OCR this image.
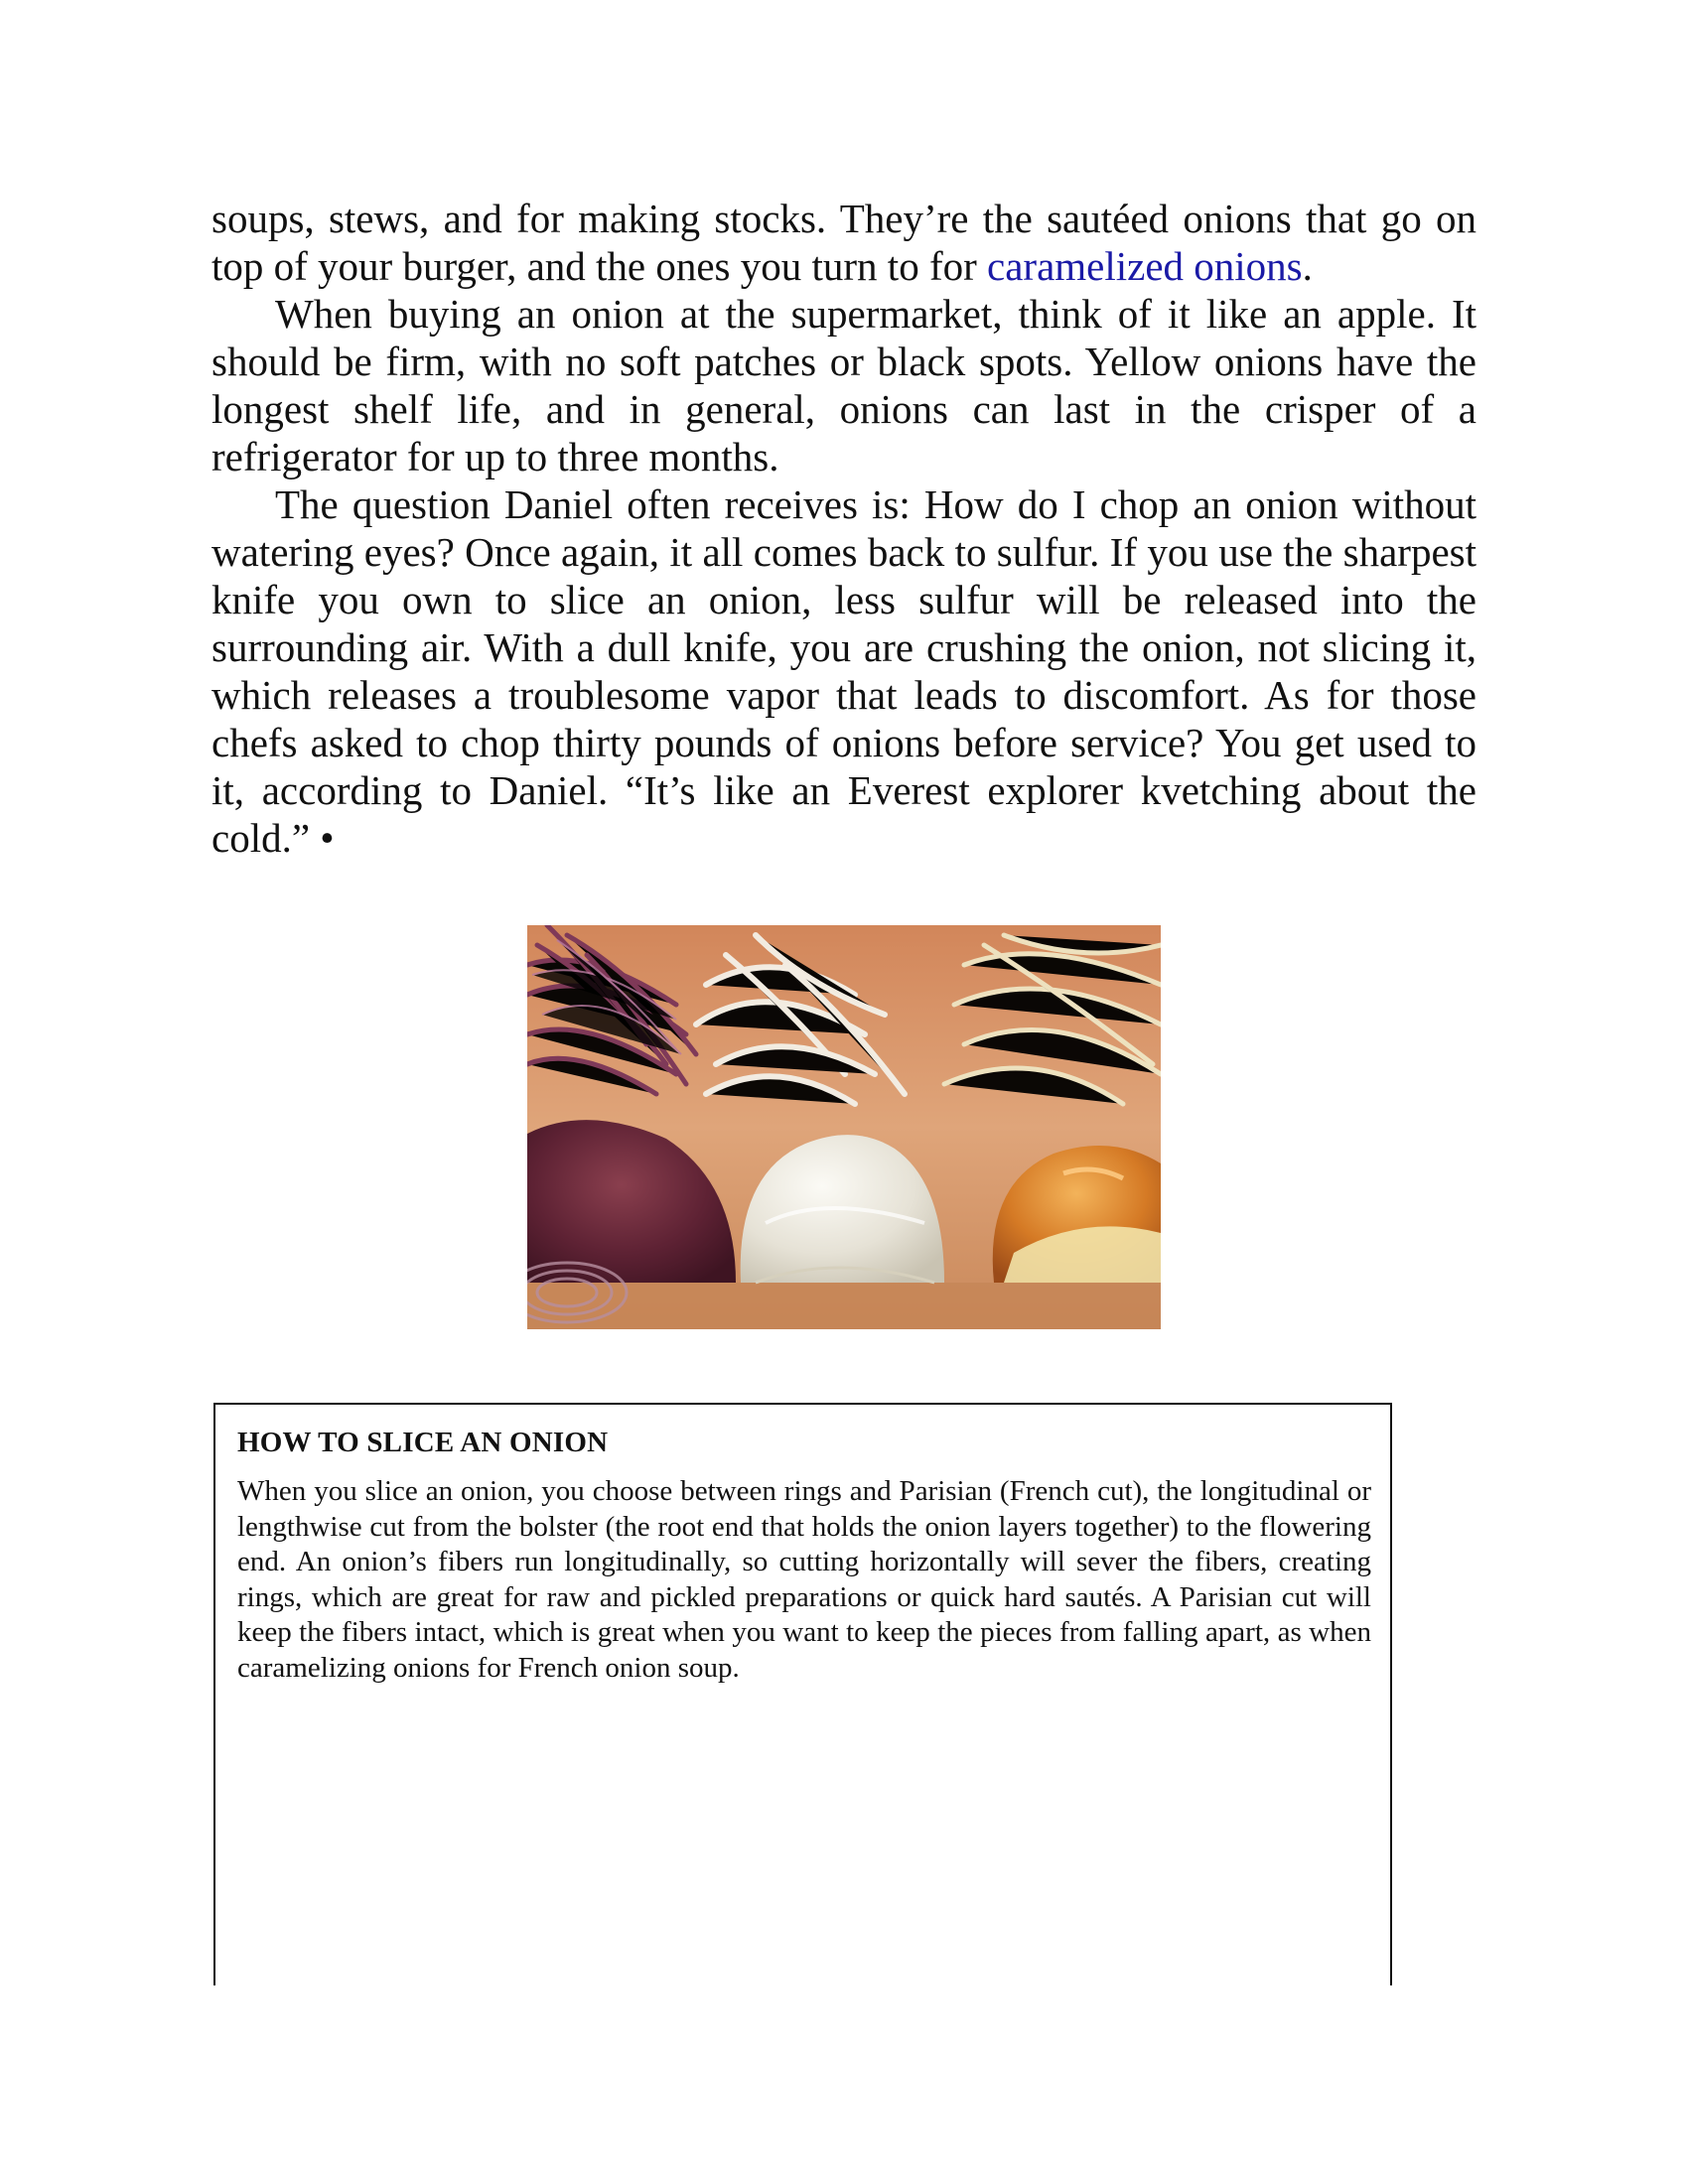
soups, stews, and for making stocks. They’re the sautéed onions that go on top of your burger, and the ones you turn to for caramelized onions.

When buying an onion at the supermarket, think of it like an apple. It should be firm, with no soft patches or black spots. Yellow onions have the longest shelf life, and in general, onions can last in the crisper of a refrigerator for up to three months.

The question Daniel often receives is: How do I chop an onion without watering eyes? Once again, it all comes back to sulfur. If you use the sharpest knife you own to slice an onion, less sulfur will be released into the surrounding air. With a dull knife, you are crushing the onion, not slicing it, which releases a troublesome vapor that leads to discomfort. As for those chefs asked to chop thirty pounds of onions before service? You get used to it, according to Daniel. “It’s like an Everest explorer kvetching about the cold.” •

HOW TO SLICE AN ONION
When you slice an onion, you choose between rings and Parisian (French cut), the longitudinal or lengthwise cut from the bolster (the root end that holds the onion layers together) to the flowering end. An onion’s fibers run longitudinally, so cutting horizontally will sever the fibers, creating rings, which are great for raw and pickled preparations or quick hard sautés. A Parisian cut will keep the fibers intact, which is great when you want to keep the pieces from falling apart, as when caramelizing onions for French onion soup.
